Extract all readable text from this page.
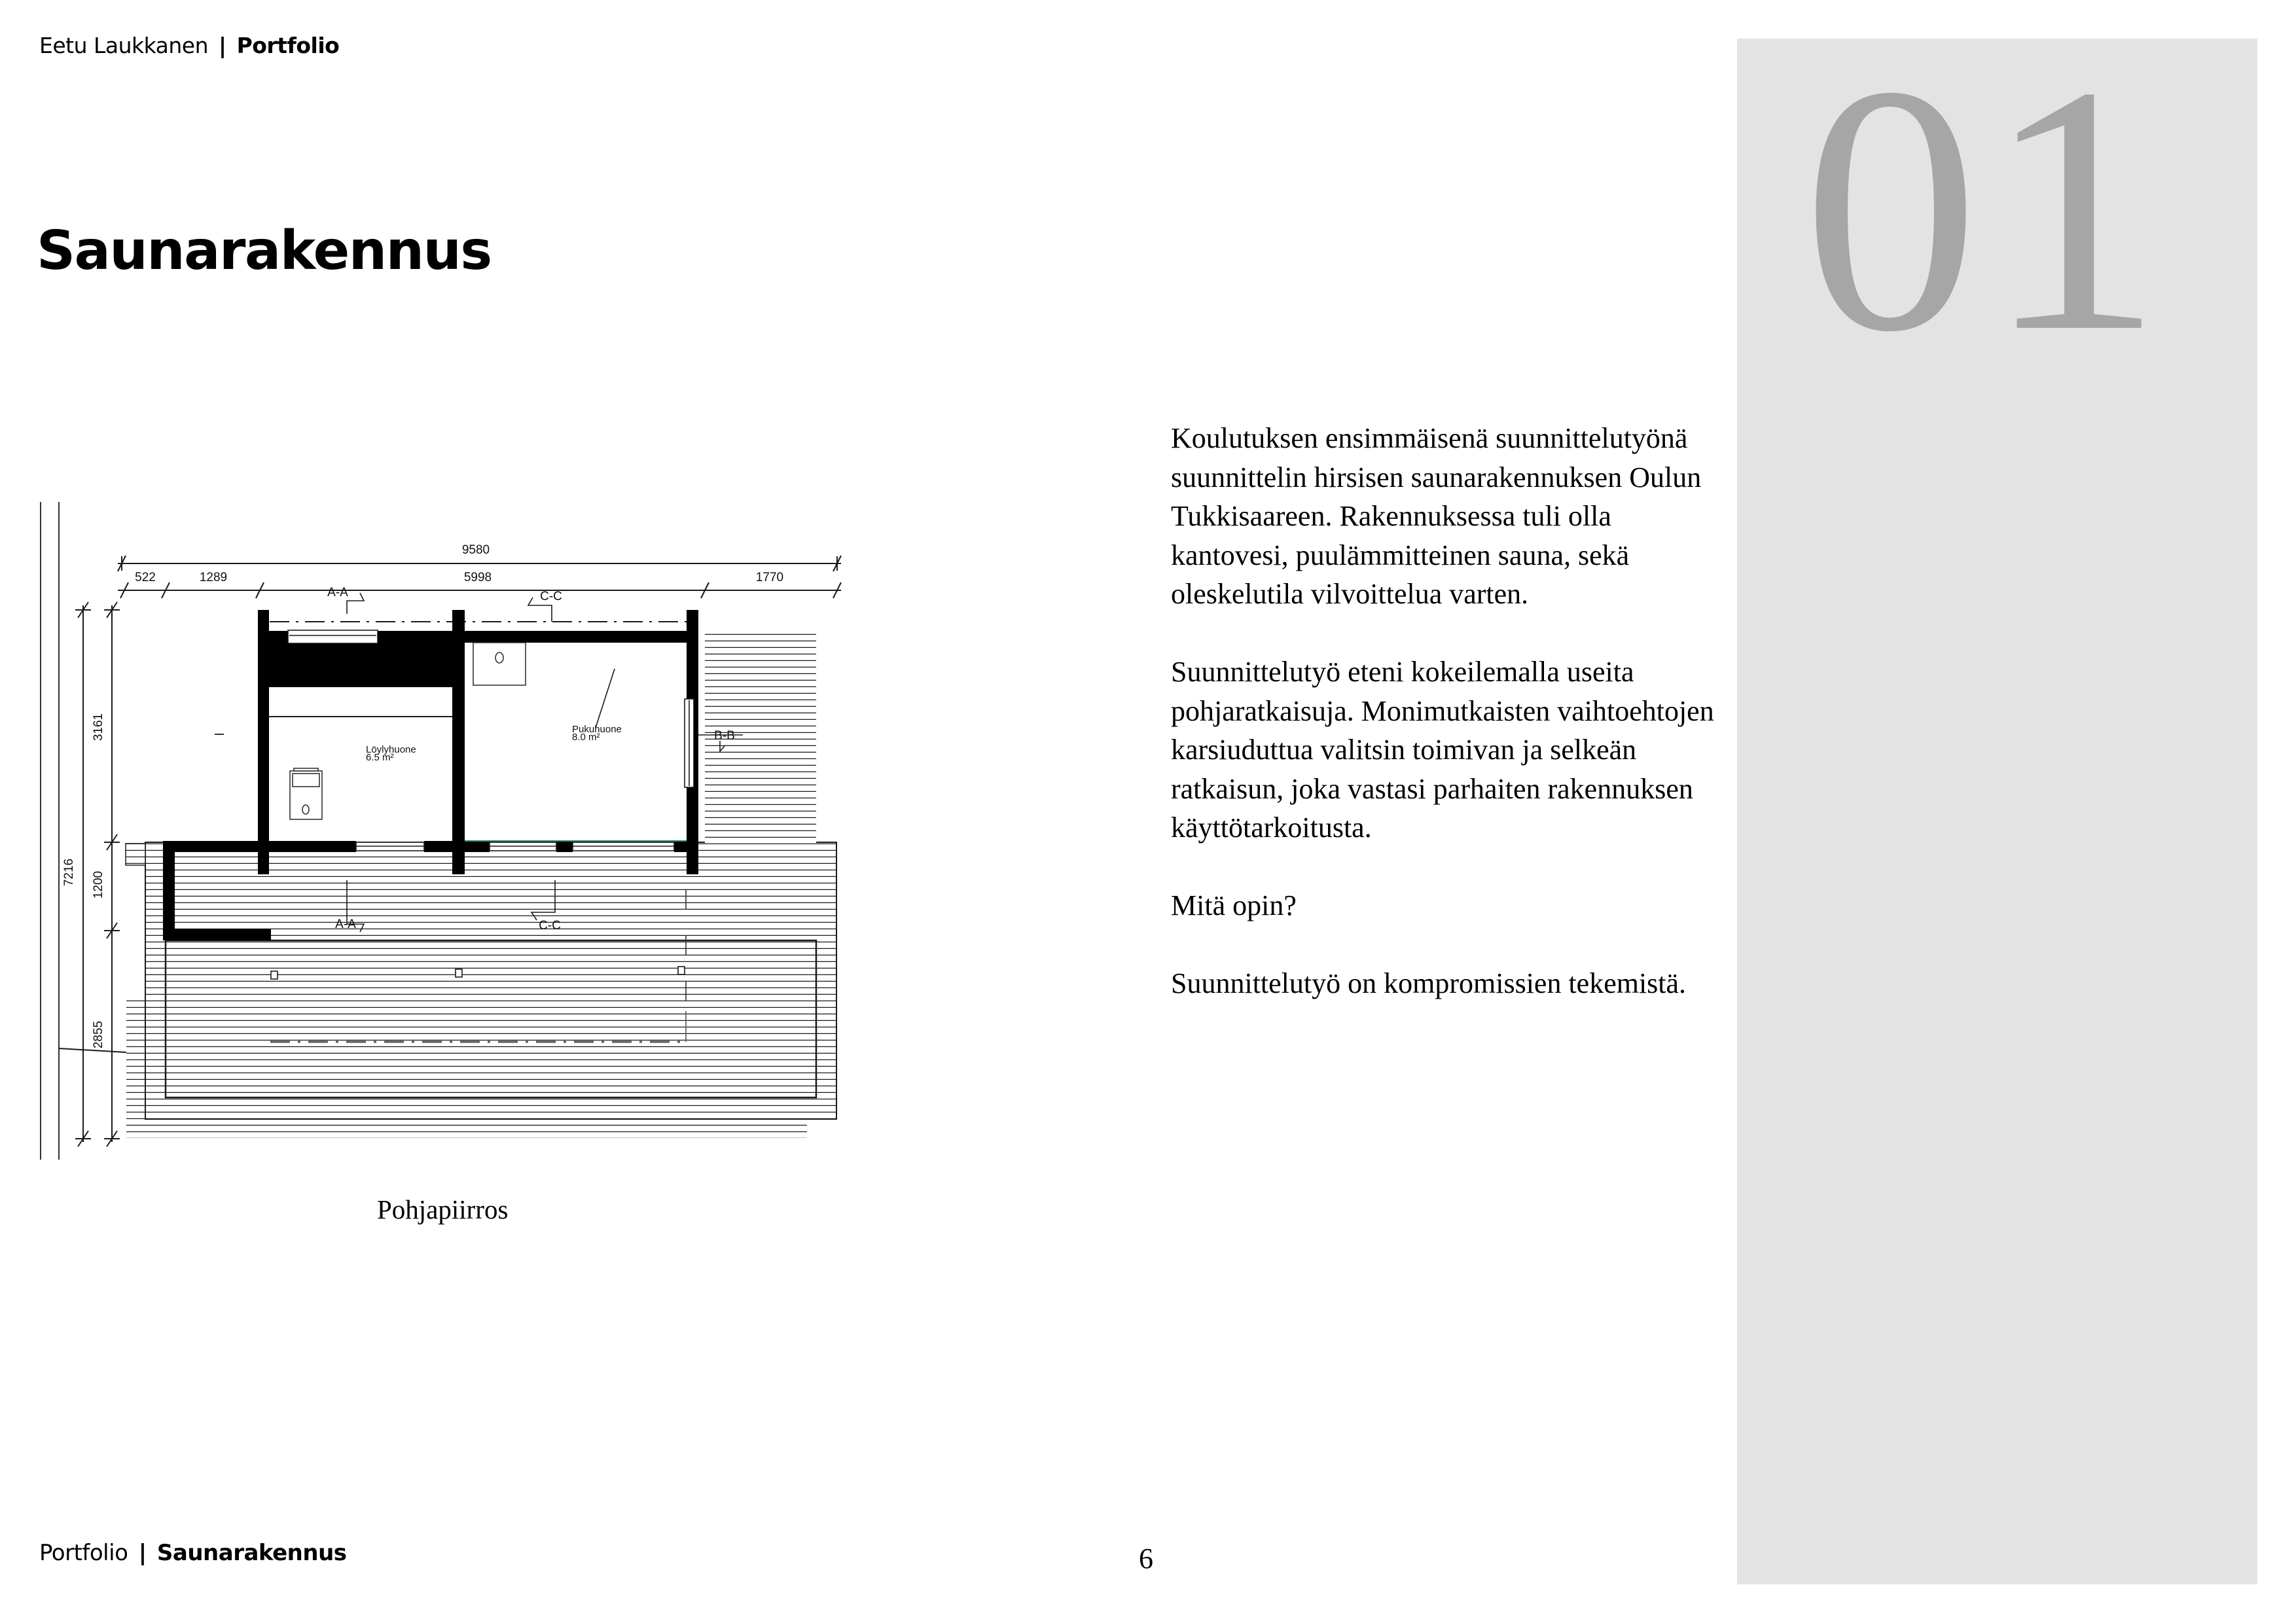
Eetu Laukkanen | Portfolio
Saunarakennus	01
9580
522	1289	5998	1770
7216
3161
1200
2855
A-A	C-C
A-A	C-C
B-B
Löylyhuone
6.5 m²
Pukuhuone
8.0 m²
Pohjapiirros

Koulutuksen ensimmäisenä suunnittelutyönä suunnittelin hirsisen saunarakennuksen Oulun Tukkisaareen. Rakennuksessa tuli olla kantovesi, puulämmitteinen sauna, sekä oleskelutila vilvoittelua varten.

Suunnittelutyö eteni kokeilemalla useita pohjaratkaisuja. Monimutkaisten vaihtoehtojen karsiuduttua valitsin toimivan ja selkeän ratkaisun, joka vastasi parhaiten rakennuksen käyttötarkoitusta.

Mitä opin?

Suunnittelutyö on kompromissien tekemistä.

Portfolio | Saunarakennus	6
